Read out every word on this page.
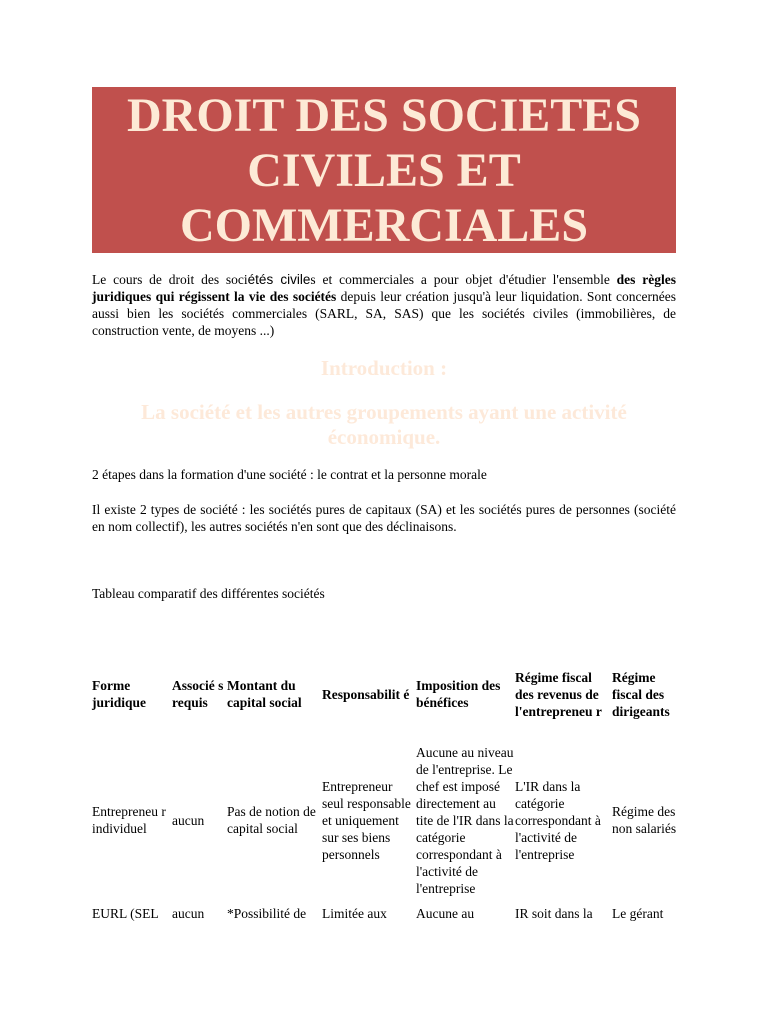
DROIT DES SOCIETES
CIVILES ET
COMMERCIALES
Le cours de droit des sociétés civiles et commerciales a pour objet d'étudier l'ensemble des règles juridiques qui régissent la vie des sociétés depuis leur création jusqu'à leur liquidation. Sont concernées aussi bien les sociétés commerciales (SARL, SA, SAS) que les sociétés civiles (immobilières, de construction vente, de moyens ...)
Introduction :
La société et les autres groupements ayant une activité économique.
2 étapes dans la formation d'une société : le contrat et la personne morale
Il existe 2 types de société : les sociétés pures de capitaux (SA) et les sociétés pures de personnes (société en nom collectif), les autres sociétés n'en sont que des déclinaisons.
Tableau comparatif des différentes sociétés
Forme juridique	Associé s requis	Montant du capital social	Responsabilit é	Imposition des bénéfices	Régime fiscal des revenus de l'entrepreneu r	Régime fiscal des dirigeants
Entrepreneu r individuel	aucun	Pas de notion de capital social	Entrepreneur seul responsable et uniquement sur ses biens personnels	Aucune au niveau de l'entreprise. Le chef est imposé directement au tite de l'IR dans la catégorie correspondant à l'activité de l'entreprise	L'IR dans la catégorie correspondant à l'activité de l'entreprise	Régime des non salariés
EURL (SEL	aucun	*Possibilité de	Limitée aux	Aucune au	IR soit dans la	Le gérant
